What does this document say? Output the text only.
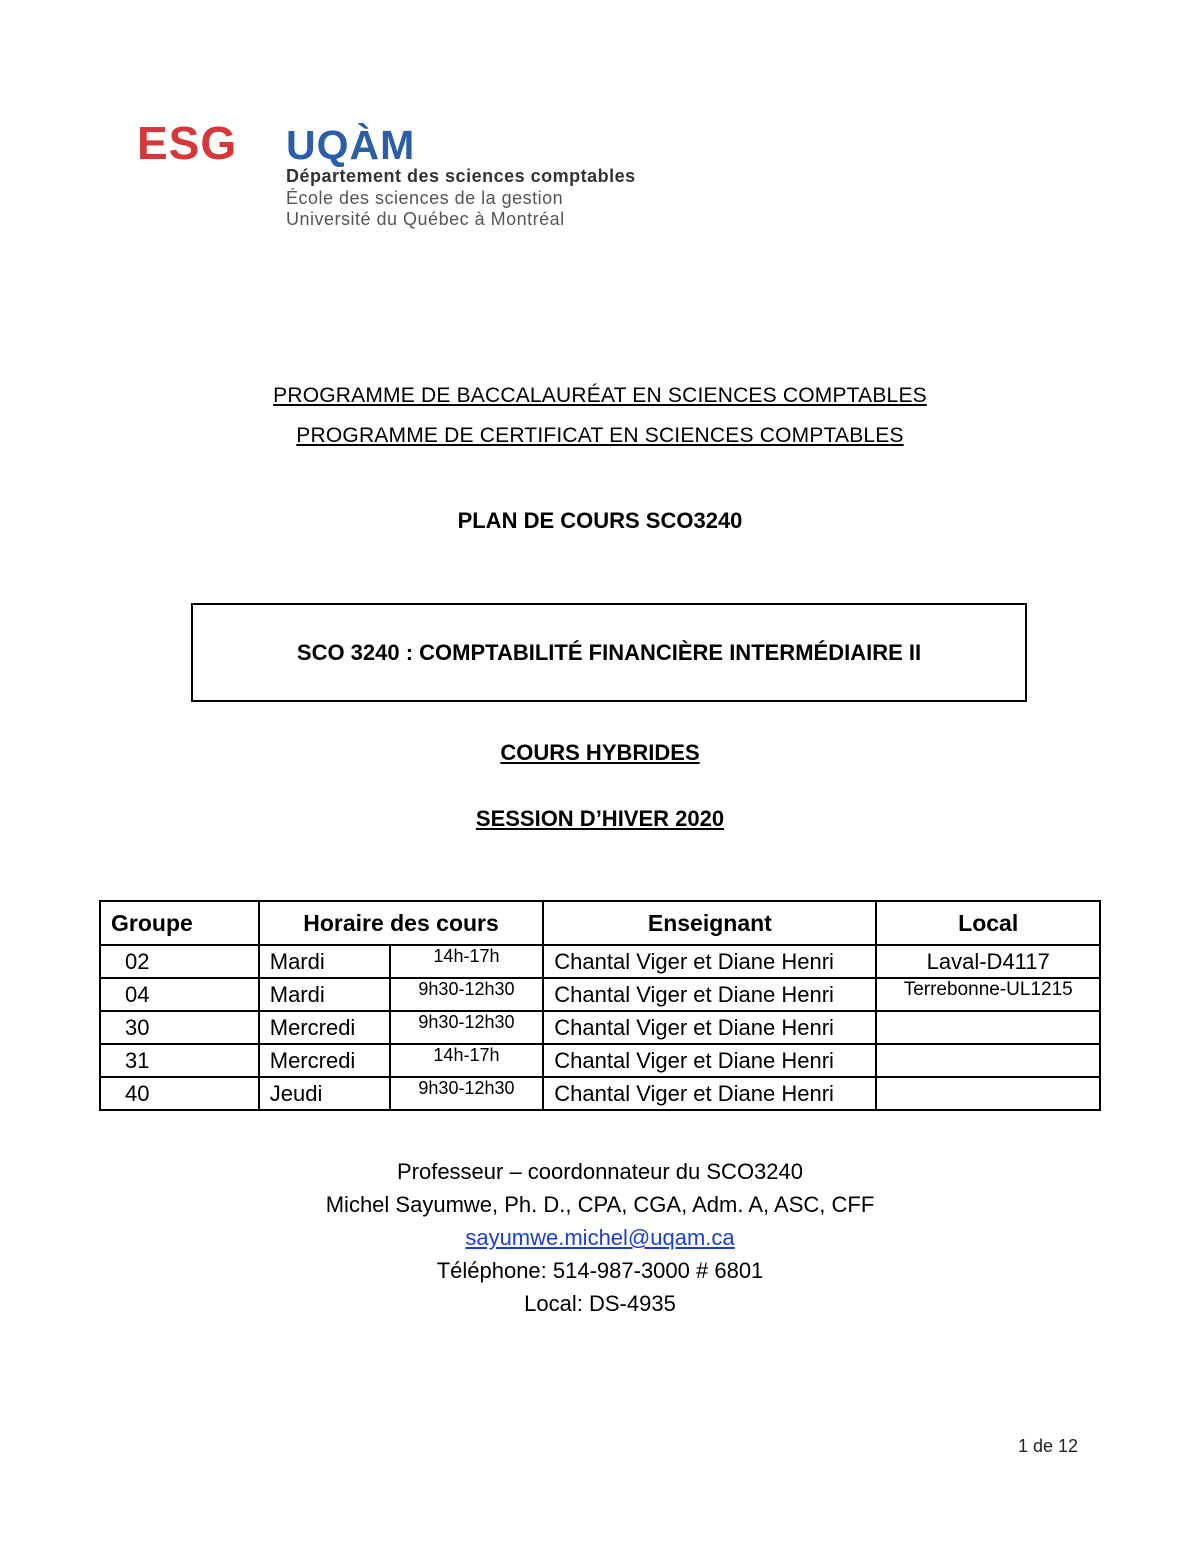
ESG UQÀM
Département des sciences comptables
École des sciences de la gestion
Université du Québec à Montréal
PROGRAMME DE BACCALAURÉAT EN SCIENCES COMPTABLES
PROGRAMME DE CERTIFICAT EN SCIENCES COMPTABLES
PLAN DE COURS SCO3240
SCO 3240 : COMPTABILITÉ FINANCIÈRE INTERMÉDIAIRE II
COURS HYBRIDES
SESSION D’HIVER 2020
Groupe	Horaire des cours		Enseignant	Local
02	Mardi	14h-17h	Chantal Viger et Diane Henri	Laval-D4117
04	Mardi	9h30-12h30	Chantal Viger et Diane Henri	Terrebonne-UL1215
30	Mercredi	9h30-12h30	Chantal Viger et Diane Henri	
31	Mercredi	14h-17h	Chantal Viger et Diane Henri	
40	Jeudi	9h30-12h30	Chantal Viger et Diane Henri	
Professeur – coordonnateur du SCO3240
Michel Sayumwe, Ph. D., CPA, CGA, Adm. A, ASC, CFF
sayumwe.michel@uqam.ca
Téléphone: 514-987-3000 # 6801
Local: DS-4935
1 de 12
